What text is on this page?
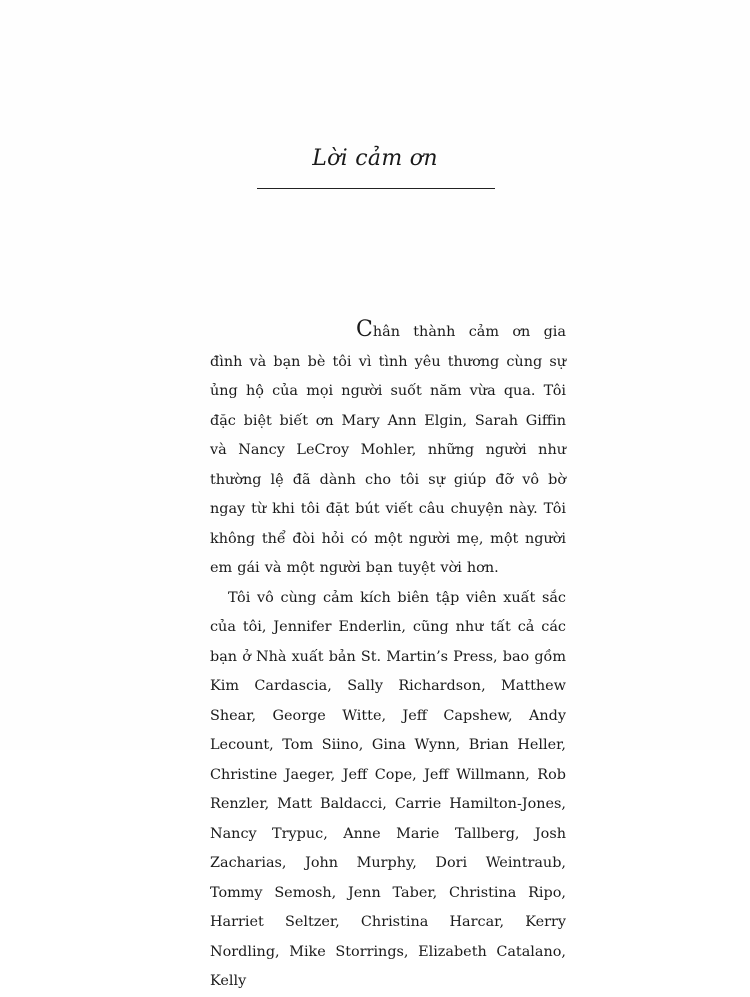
Lời cảm ơn

Chân thành cảm ơn gia đình và bạn bè tôi vì tình yêu thương cùng sự ủng hộ của mọi người suốt năm vừa qua. Tôi đặc biệt biết ơn Mary Ann Elgin, Sarah Giffin và Nancy LeCroy Mohler, những người như thường lệ đã dành cho tôi sự giúp đỡ vô bờ ngay từ khi tôi đặt bút viết câu chuyện này. Tôi không thể đòi hỏi có một người mẹ, một người em gái và một người bạn tuyệt vời hơn.

Tôi vô cùng cảm kích biên tập viên xuất sắc của tôi, Jennifer Enderlin, cũng như tất cả các bạn ở Nhà xuất bản St. Martin’s Press, bao gồm Kim Cardascia, Sally Richardson, Matthew Shear, George Witte, Jeff Capshew, Andy Lecount, Tom Siino, Gina Wynn, Brian Heller, Christine Jaeger, Jeff Cope, Jeff Willmann, Rob Renzler, Matt Baldacci, Carrie Hamilton-Jones, Nancy Trypuc, Anne Marie Tallberg, Josh Zacharias, John Murphy, Dori Weintraub, Tommy Semosh, Jenn Taber, Christina Ripo, Harriet Seltzer, Christina Harcar, Kerry Nordling, Mike Storrings, Elizabeth Catalano, Kelly
